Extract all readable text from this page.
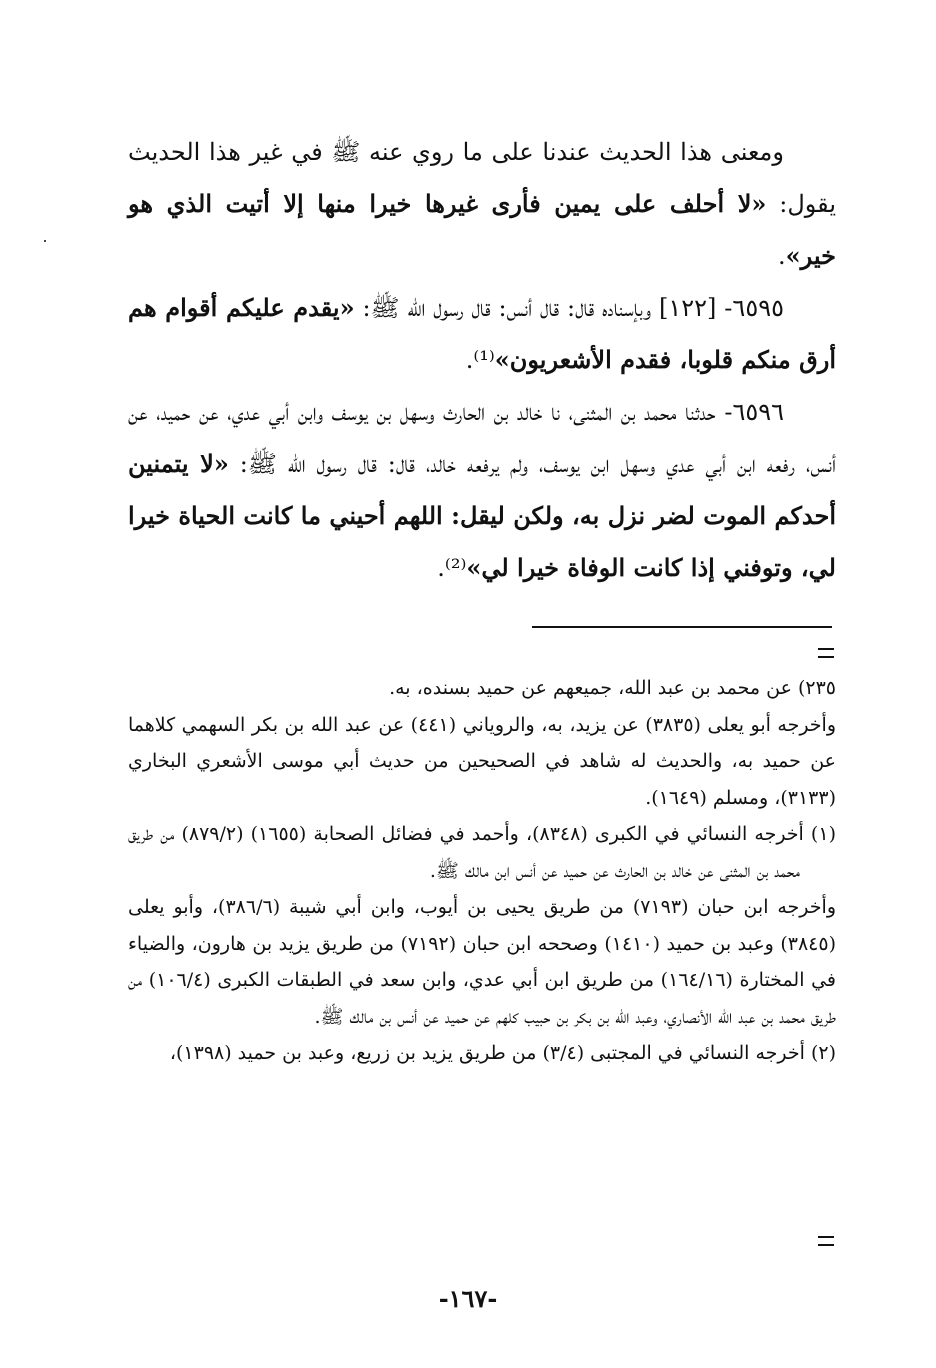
ومعنى هذا الحديث عندنا على ما روي عنه ﷺ في غير هذا الحديث يقول: «لا أحلف على يمين فأرى غيرها خيرا منها إلا أتيت الذي هو خير».

٦٥٩٥- [١٢٢] وبإسناده قال: قال أنس: قال رسول الله ﷺ: «يقدم عليكم أقوام هم أرق منكم قلوبا، فقدم الأشعريون»⁽¹⁾.

٦٥٩٦- حدثنا محمد بن المثنى، نا خالد بن الحارث وسهل بن يوسف وابن أبي عدي، عن حميد، عن أنس، رفعه ابن أبي عدي وسهل ابن يوسف، ولم يرفعه خالد، قال: قال رسول الله ﷺ: «لا يتمنين أحدكم الموت لضر نزل به، ولكن ليقل: اللهم أحيني ما كانت الحياة خيرا لي، وتوفني إذا كانت الوفاة خيرا لي»⁽²⁾.

٢٣٥) عن محمد بن عبد الله، جميعهم عن حميد بسنده، به.

وأخرجه أبو يعلى (٣٨٣٥) عن يزيد، به، والروياني (٤٤١) عن عبد الله بن بكر السهمي كلاهما عن حميد به، والحديث له شاهد في الصحيحين من حديث أبي موسى الأشعري البخاري (٣١٣٣)، ومسلم (١٦٤٩).

(١) أخرجه النسائي في الكبرى (٨٣٤٨)، وأحمد في فضائل الصحابة (١٦٥٥) (٨٧٩/٢) من طريق محمد بن المثنى عن خالد بن الحارث عن حميد عن أنس ابن مالك ﷺ.

وأخرجه ابن حبان (٧١٩٣) من طريق يحيى بن أيوب، وابن أبي شيبة (٣٨٦/٦)، وأبو يعلى (٣٨٤٥) وعبد بن حميد (١٤١٠) وصححه ابن حبان (٧١٩٢) من طريق يزيد بن هارون، والضياء في المختارة (١٦٤/١٦) من طريق ابن أبي عدي، وابن سعد في الطبقات الكبرى (١٠٦/٤) من طريق محمد بن عبد الله الأنصاري، وعبد الله بن بكر بن حبيب كلهم عن حميد عن أنس بن مالك ﷺ.

(٢) أخرجه النسائي في المجتبى (٣/٤) من طريق يزيد بن زريع، وعبد بن حميد (١٣٩٨)،

-١٦٧-
